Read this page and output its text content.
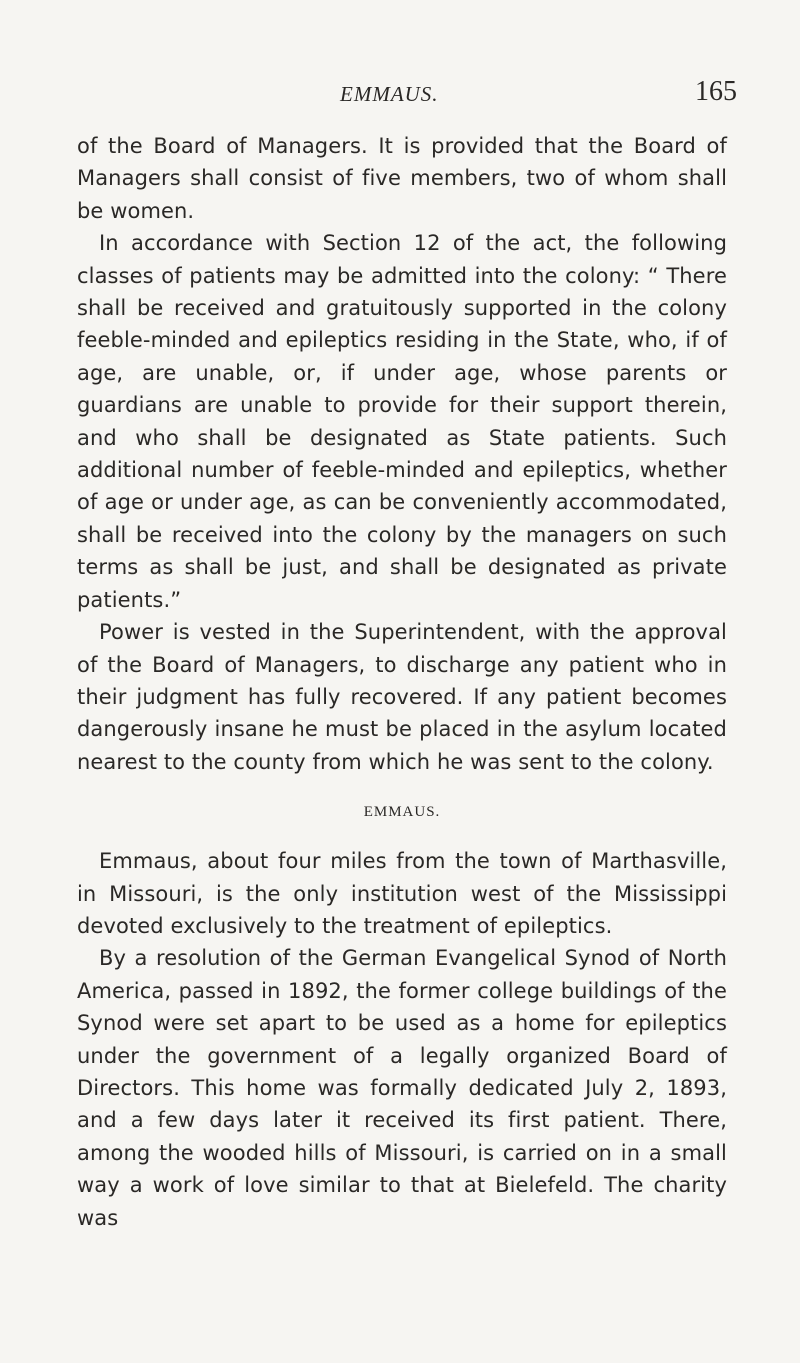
EMMAUS.	165

of the Board of Managers. It is provided that the Board of Managers shall consist of five members, two of whom shall be women.

In accordance with Section 12 of the act, the following classes of patients may be admitted into the colony: “ There shall be received and gratuitously supported in the colony feeble-minded and epileptics residing in the State, who, if of age, are unable, or, if under age, whose parents or guardians are unable to provide for their support therein, and who shall be designated as State patients. Such additional number of feeble-minded and epileptics, whether of age or under age, as can be conveniently accommodated, shall be received into the colony by the managers on such terms as shall be just, and shall be designated as private patients.”

Power is vested in the Superintendent, with the approval of the Board of Managers, to discharge any patient who in their judgment has fully recovered. If any patient becomes dangerously insane he must be placed in the asylum located nearest to the county from which he was sent to the colony.

EMMAUS.

Emmaus, about four miles from the town of Marthasville, in Missouri, is the only institution west of the Mississippi devoted exclusively to the treatment of epileptics.

By a resolution of the German Evangelical Synod of North America, passed in 1892, the former college buildings of the Synod were set apart to be used as a home for epileptics under the government of a legally organized Board of Directors. This home was formally dedicated July 2, 1893, and a few days later it received its first patient. There, among the wooded hills of Missouri, is carried on in a small way a work of love similar to that at Bielefeld. The charity was
